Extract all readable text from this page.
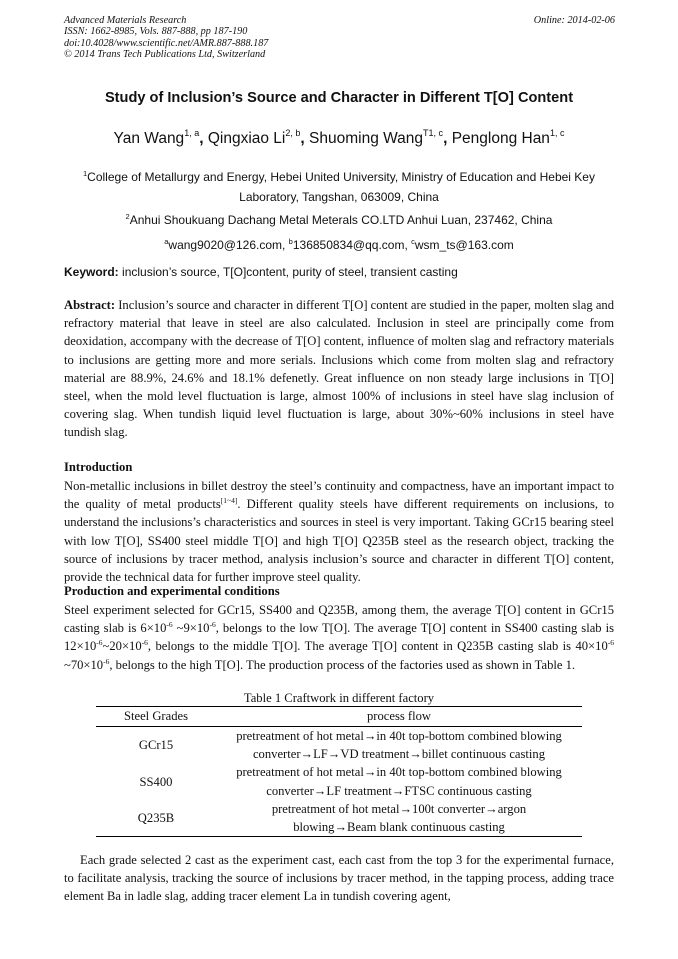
Advanced Materials Research
ISSN: 1662-8985, Vols. 887-888, pp 187-190
doi:10.4028/www.scientific.net/AMR.887-888.187
© 2014 Trans Tech Publications Ltd, Switzerland
Online: 2014-02-06
Study of Inclusion’s Source and Character in Different T[O] Content
Yan Wang$^{1, a}$, Qingxiao Li$^{2, b}$, Shuoming Wang$^{T1, c}$, Penglong Han$^{1, c}$
$^1$College of Metallurgy and Energy, Hebei United University, Ministry of Education and Hebei Key
Laboratory, Tangshan, 063009, China
$^2$Anhui Shoukuang Dachang Metal Meterals CO.LTD Anhui Luan, 237462, China
$^a$wang9020@126.com, $^b$136850834@qq.com, $^c$wsm_ts@163.com
Keyword: inclusion’s source, T[O]content, purity of steel, transient casting
Abstract: Inclusion’s source and character in different T[O] content are studied in the paper, molten slag and refractory material that leave in steel are also calculated. Inclusion in steel are principally come from deoxidation, accompany with the decrease of T[O] content, influence of molten slag and refractory materials to inclusions are getting more and more serials. Inclusions which come from molten slag and refractory material are 88.9%, 24.6% and 18.1% defenetly. Great influence on non steady large inclusions in T[O] steel, when the mold level fluctuation is large, almost 100% of inclusions in steel have slag inclusion of covering slag. When tundish liquid level fluctuation is large, about 30%~60% inclusions in steel have tundish slag.
Introduction
Non-metallic inclusions in billet destroy the steel’s continuity and compactness, have an important impact to the quality of metal products[1~4]. Different quality steels have different requirements on inclusions, to understand the inclusions’s characteristics and sources in steel is very important. Taking GCr15 bearing steel with low T[O], SS400 steel middle T[O] and high T[O] Q235B steel as the research object, tracking the source of inclusions by tracer method, analysis inclusion’s source and character in different T[O] content, provide the technical data for further improve steel quality.
Production and experimental conditions
Steel experiment selected for GCr15, SS400 and Q235B, among them, the average T[O] content in GCr15 casting slab is $6\times 10^{-6}$ $\sim 9\times 10^{-6}$, belongs to the low T[O]. The average T[O] content in SS400 casting slab is $12\times 10^{-6}\sim 20\times 10^{-6}$, belongs to the middle T[O]. The average T[O] content in Q235B casting slab is $40\times 10^{-6}$ $\sim 70\times 10^{-6}$, belongs to the high T[O]. The production process of the factories used as shown in Table 1.
Table 1 Craftwork in different factory
Steel Grades	process flow
GCr15	pretreatment of hot metal→in 40t top-bottom combined blowing
converter→LF→VD treatment→billet continuous casting

SS400	pretreatment of hot metal→in 40t top-bottom combined blowing
converter→LF treatment→FTSC continuous casting

Q235B	pretreatment of hot metal→100t converter→argon
blowing→Beam blank continuous casting
Each grade selected 2 cast as the experiment cast, each cast from the top 3 for the experimental furnace, to facilitate analysis, tracking the source of inclusions by tracer method, in the tapping process, adding trace element Ba in ladle slag, adding tracer element La in tundish covering agent,
